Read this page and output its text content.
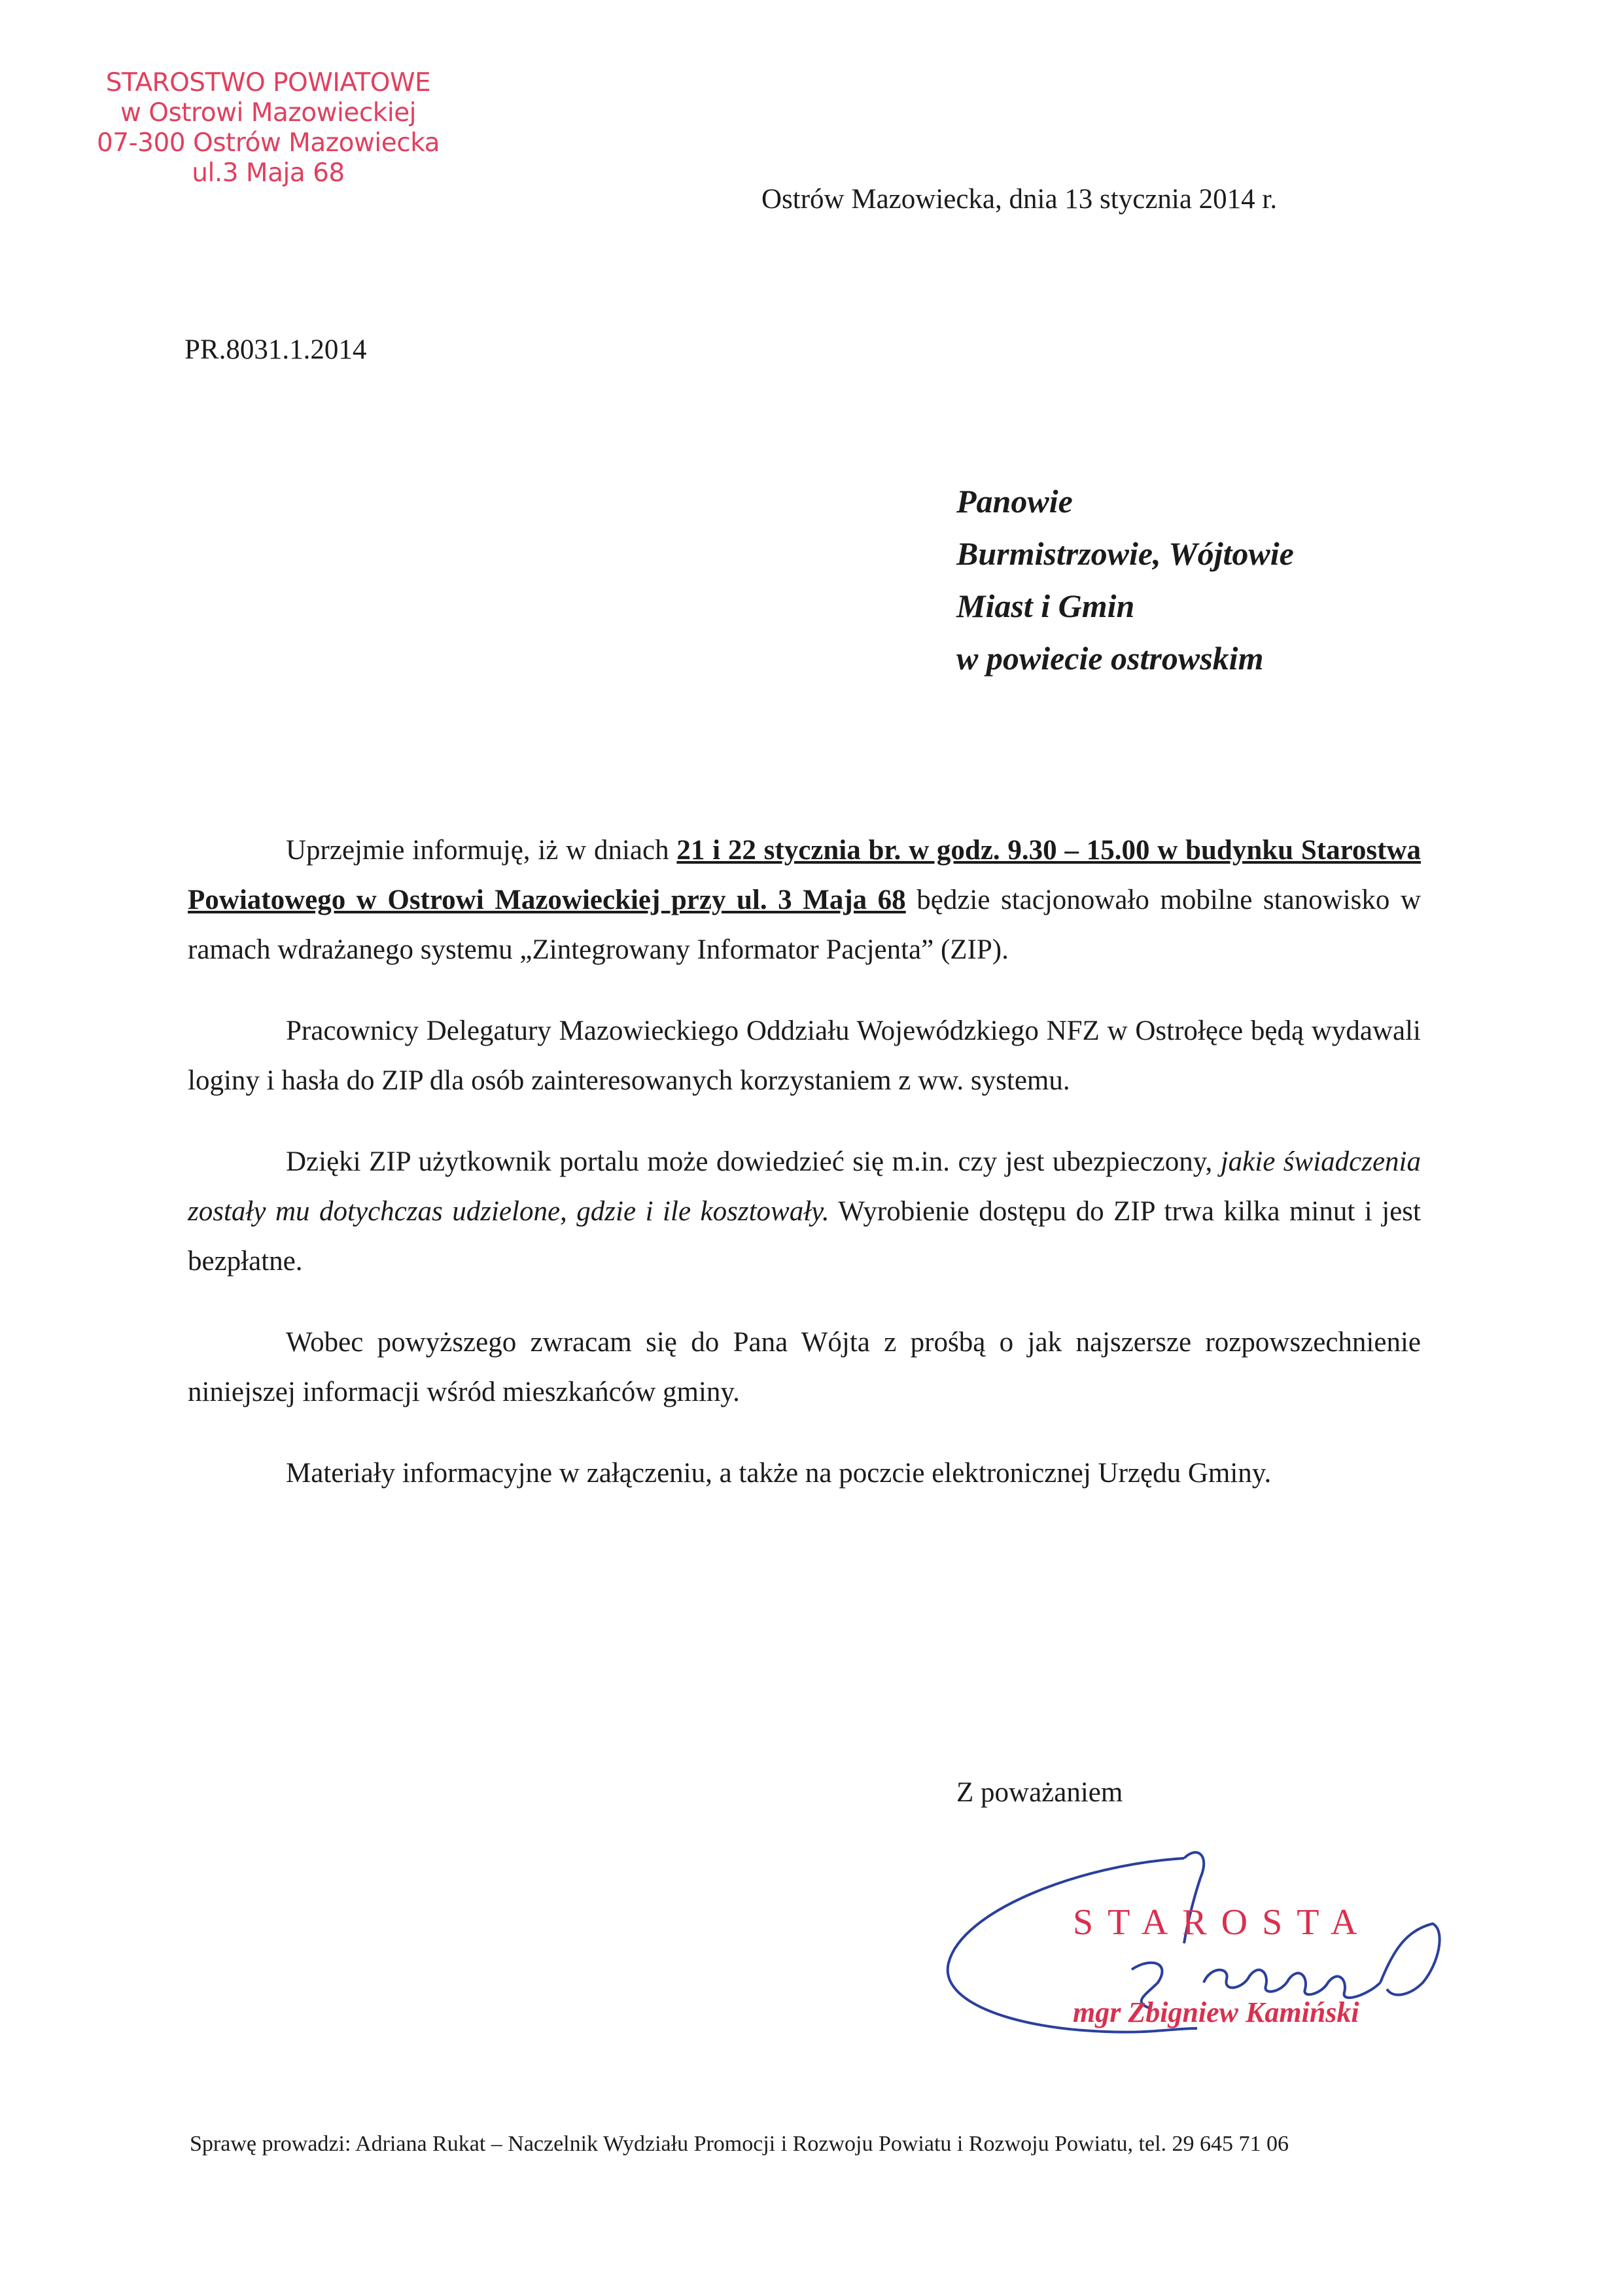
STAROSTWO POWIATOWE
w Ostrowi Mazowieckiej
07-300 Ostrów Mazowiecka
ul.3 Maja 68
Ostrów Mazowiecka, dnia 13 stycznia 2014 r.
PR.8031.1.2014
Panowie
Burmistrzowie, Wójtowie
Miast i Gmin
w powiecie ostrowskim

Uprzejmie informuję, iż w dniach 21 i 22 stycznia br. w godz. 9.30 – 15.00 w budynku Starostwa Powiatowego w Ostrowi Mazowieckiej przy ul. 3 Maja 68 będzie stacjonowało mobilne stanowisko w ramach wdrażanego systemu „Zintegrowany Informator Pacjenta” (ZIP).

Pracownicy Delegatury Mazowieckiego Oddziału Wojewódzkiego NFZ w Ostrołęce będą wydawali loginy i hasła do ZIP dla osób zainteresowanych korzystaniem z ww. systemu.

Dzięki ZIP użytkownik portalu może dowiedzieć się m.in. czy jest ubezpieczony, jakie świadczenia zostały mu dotychczas udzielone, gdzie i ile kosztowały. Wyrobienie dostępu do ZIP trwa kilka minut i jest bezpłatne.

Wobec powyższego zwracam się do Pana Wójta z prośbą o jak najszersze rozpowszechnienie niniejszej informacji wśród mieszkańców gminy.

Materiały informacyjne w załączeniu, a także na poczcie elektronicznej Urzędu Gminy.

Z poważaniem
STAROSTA
mgr Zbigniew Kamiński
Sprawę prowadzi: Adriana Rukat – Naczelnik Wydziału Promocji i Rozwoju Powiatu i Rozwoju Powiatu, tel. 29 645 71 06
